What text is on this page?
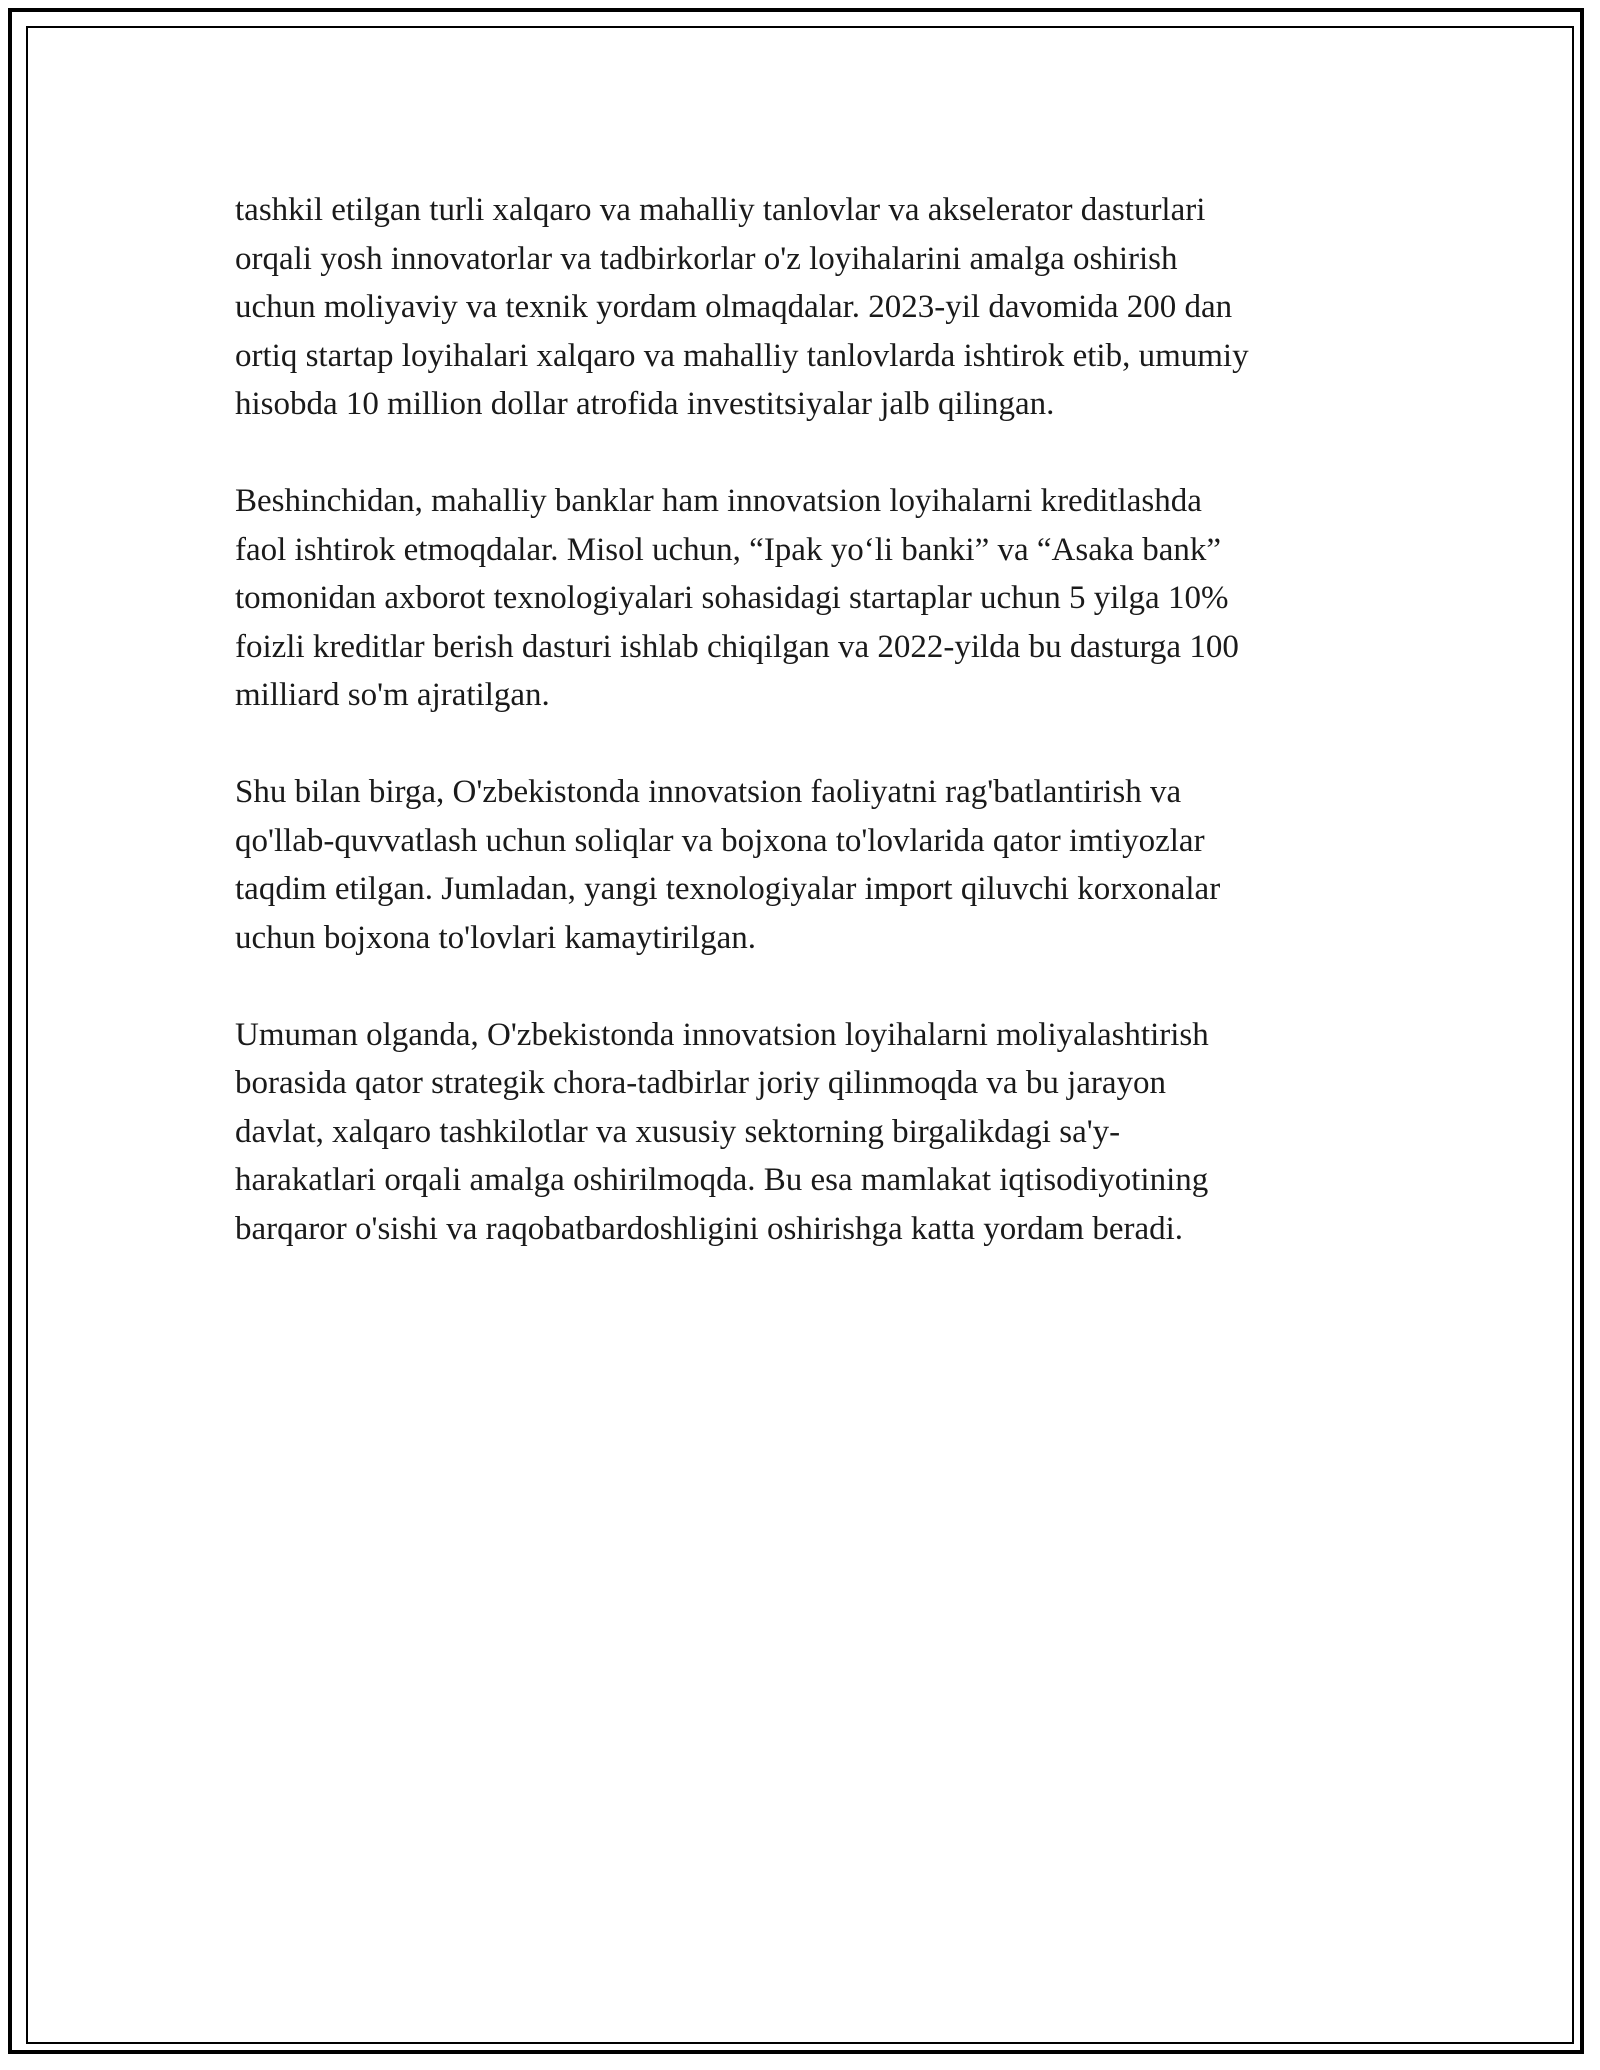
tashkil etilgan turli xalqaro va mahalliy tanlovlar va akselerator dasturlari
orqali yosh innovatorlar va tadbirkorlar o'z loyihalarini amalga oshirish
uchun moliyaviy va texnik yordam olmaqdalar. 2023-yil davomida 200 dan
ortiq startap loyihalari xalqaro va mahalliy tanlovlarda ishtirok etib, umumiy
hisobda 10 million dollar atrofida investitsiyalar jalb qilingan.

Beshinchidan, mahalliy banklar ham innovatsion loyihalarni kreditlashda
faol ishtirok etmoqdalar. Misol uchun, “Ipak yo‘li banki” va “Asaka bank”
tomonidan axborot texnologiyalari sohasidagi startaplar uchun 5 yilga 10%
foizli kreditlar berish dasturi ishlab chiqilgan va 2022-yilda bu dasturga 100
milliard so'm ajratilgan.

Shu bilan birga, O'zbekistonda innovatsion faoliyatni rag'batlantirish va
qo'llab-quvvatlash uchun soliqlar va bojxona to'lovlarida qator imtiyozlar
taqdim etilgan. Jumladan, yangi texnologiyalar import qiluvchi korxonalar
uchun bojxona to'lovlari kamaytirilgan.

Umuman olganda, O'zbekistonda innovatsion loyihalarni moliyalashtirish
borasida qator strategik chora-tadbirlar joriy qilinmoqda va bu jarayon
davlat, xalqaro tashkilotlar va xususiy sektorning birgalikdagi sa'y-
harakatlari orqali amalga oshirilmoqda. Bu esa mamlakat iqtisodiyotining
barqaror o'sishi va raqobatbardoshligini oshirishga katta yordam beradi.
